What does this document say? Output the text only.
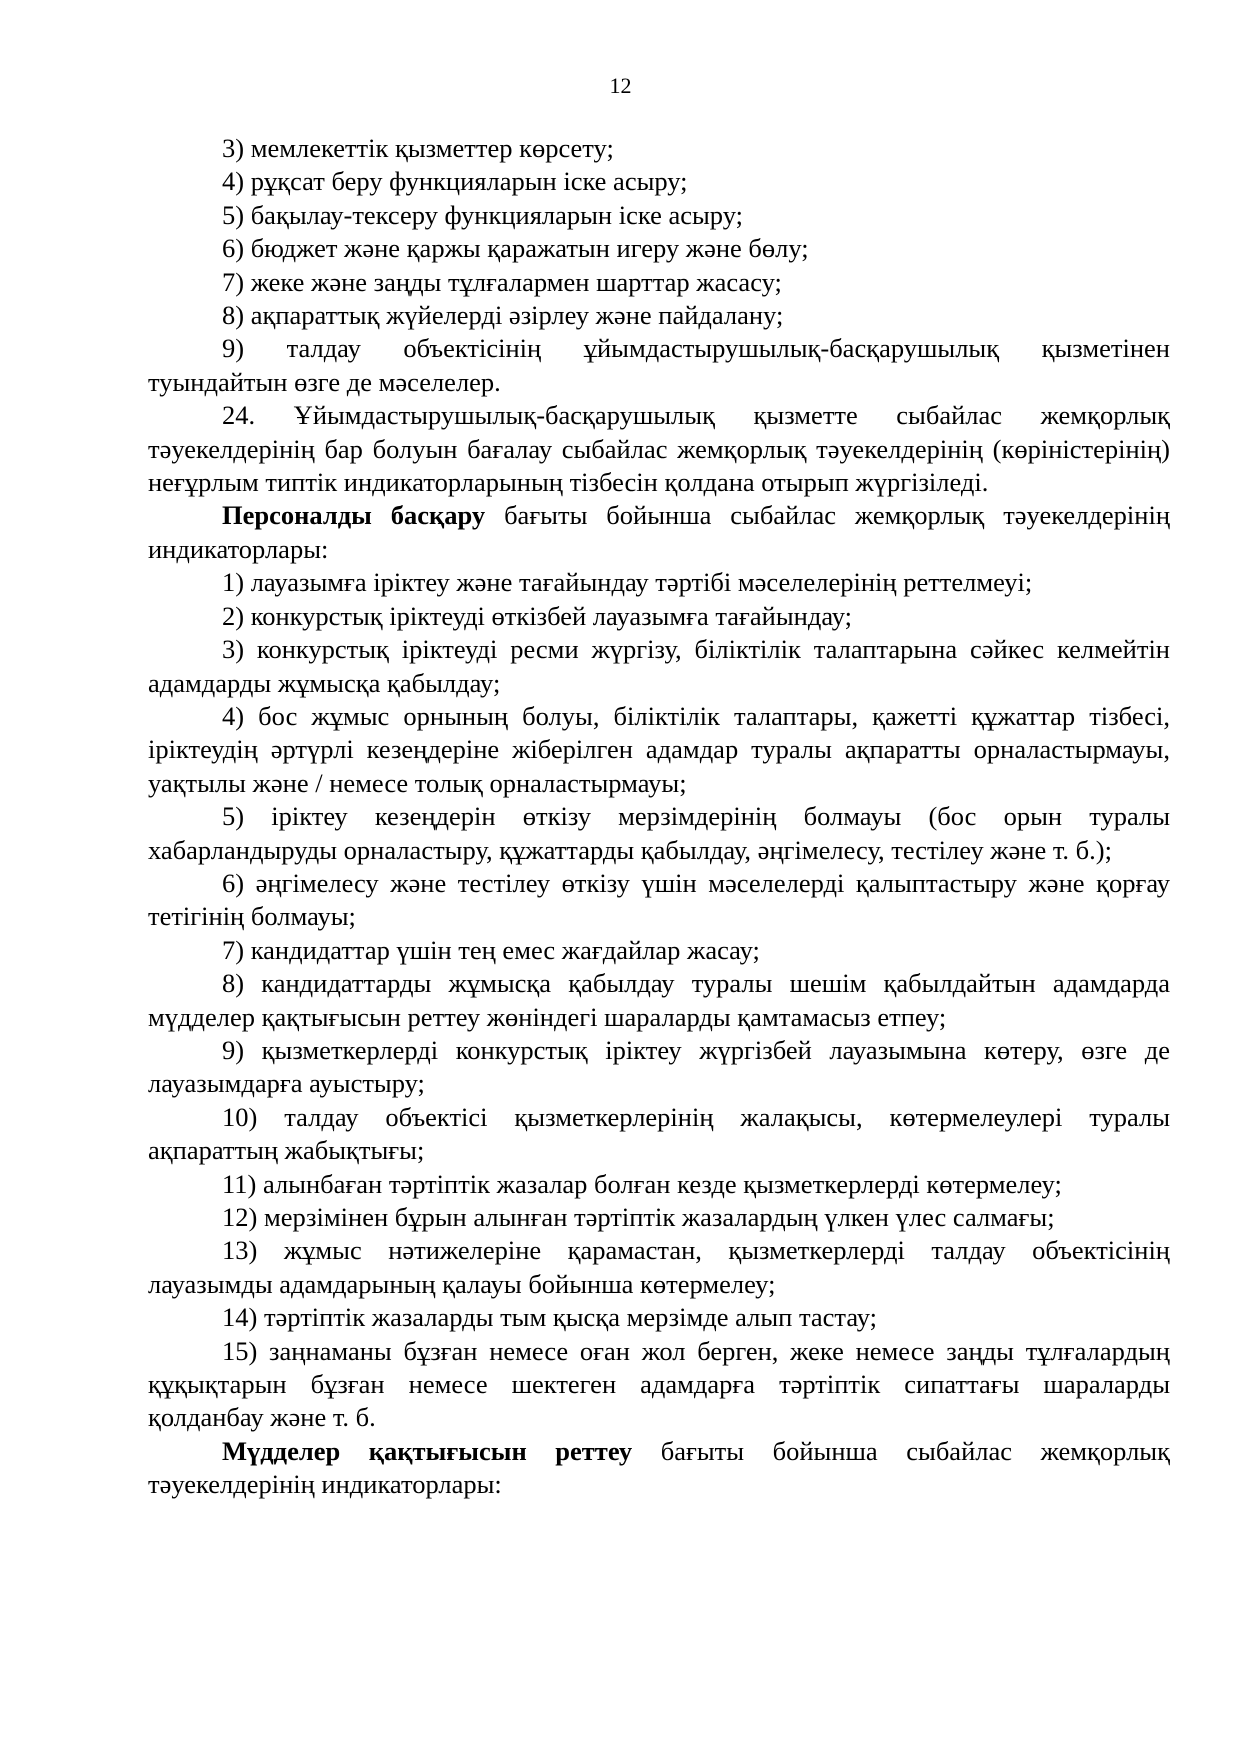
12

3) мемлекеттік қызметтер көрсету;

4) рұқсат беру функцияларын іске асыру;

5) бақылау-тексеру функцияларын іске асыру;

6) бюджет және қаржы қаражатын игеру және бөлу;

7) жеке және заңды тұлғалармен шарттар жасасу;

8) ақпараттық жүйелерді әзірлеу және пайдалану;

9) талдау объектісінің ұйымдастырушылық-басқарушылық қызметінен туындайтын өзге де мәселелер.

24. Ұйымдастырушылық-басқарушылық қызметте сыбайлас жемқорлық тәуекелдерінің бар болуын бағалау сыбайлас жемқорлық тәуекелдерінің (көріністерінің) неғұрлым типтік индикаторларының тізбесін қолдана отырып жүргізіледі.

Персоналды басқару бағыты бойынша сыбайлас жемқорлық тәуекелдерінің индикаторлары:

1) лауазымға іріктеу және тағайындау тәртібі мәселелерінің реттелмеуі;

2) конкурстық іріктеуді өткізбей лауазымға тағайындау;

3) конкурстық іріктеуді ресми жүргізу, біліктілік талаптарына сәйкес келмейтін адамдарды жұмысқа қабылдау;

4) бос жұмыс орнының болуы, біліктілік талаптары, қажетті құжаттар тізбесі, іріктеудің әртүрлі кезеңдеріне жіберілген адамдар туралы ақпаратты орналастырмауы, уақтылы және / немесе толық орналастырмауы;

5) іріктеу кезеңдерін өткізу мерзімдерінің болмауы (бос орын туралы хабарландыруды орналастыру, құжаттарды қабылдау, әңгімелесу, тестілеу және т. б.);

6) әңгімелесу және тестілеу өткізу үшін мәселелерді қалыптастыру және қорғау тетігінің болмауы;

7) кандидаттар үшін тең емес жағдайлар жасау;

8) кандидаттарды жұмысқа қабылдау туралы шешім қабылдайтын адамдарда мүдделер қақтығысын реттеу жөніндегі шараларды қамтамасыз етпеу;

9) қызметкерлерді конкурстық іріктеу жүргізбей лауазымына көтеру, өзге де лауазымдарға ауыстыру;

10) талдау объектісі қызметкерлерінің жалақысы, көтермелеулері туралы ақпараттың жабықтығы;

11) алынбаған тәртіптік жазалар болған кезде қызметкерлерді көтермелеу;

12) мерзімінен бұрын алынған тәртіптік жазалардың үлкен үлес салмағы;

13) жұмыс нәтижелеріне қарамастан, қызметкерлерді талдау объектісінің лауазымды адамдарының қалауы бойынша көтермелеу;

14) тәртіптік жазаларды тым қысқа мерзімде алып тастау;

15) заңнаманы бұзған немесе оған жол берген, жеке немесе заңды тұлғалардың құқықтарын бұзған немесе шектеген адамдарға тәртіптік сипаттағы шараларды қолданбау және т. б.

Мүдделер қақтығысын реттеу бағыты бойынша сыбайлас жемқорлық тәуекелдерінің индикаторлары:
